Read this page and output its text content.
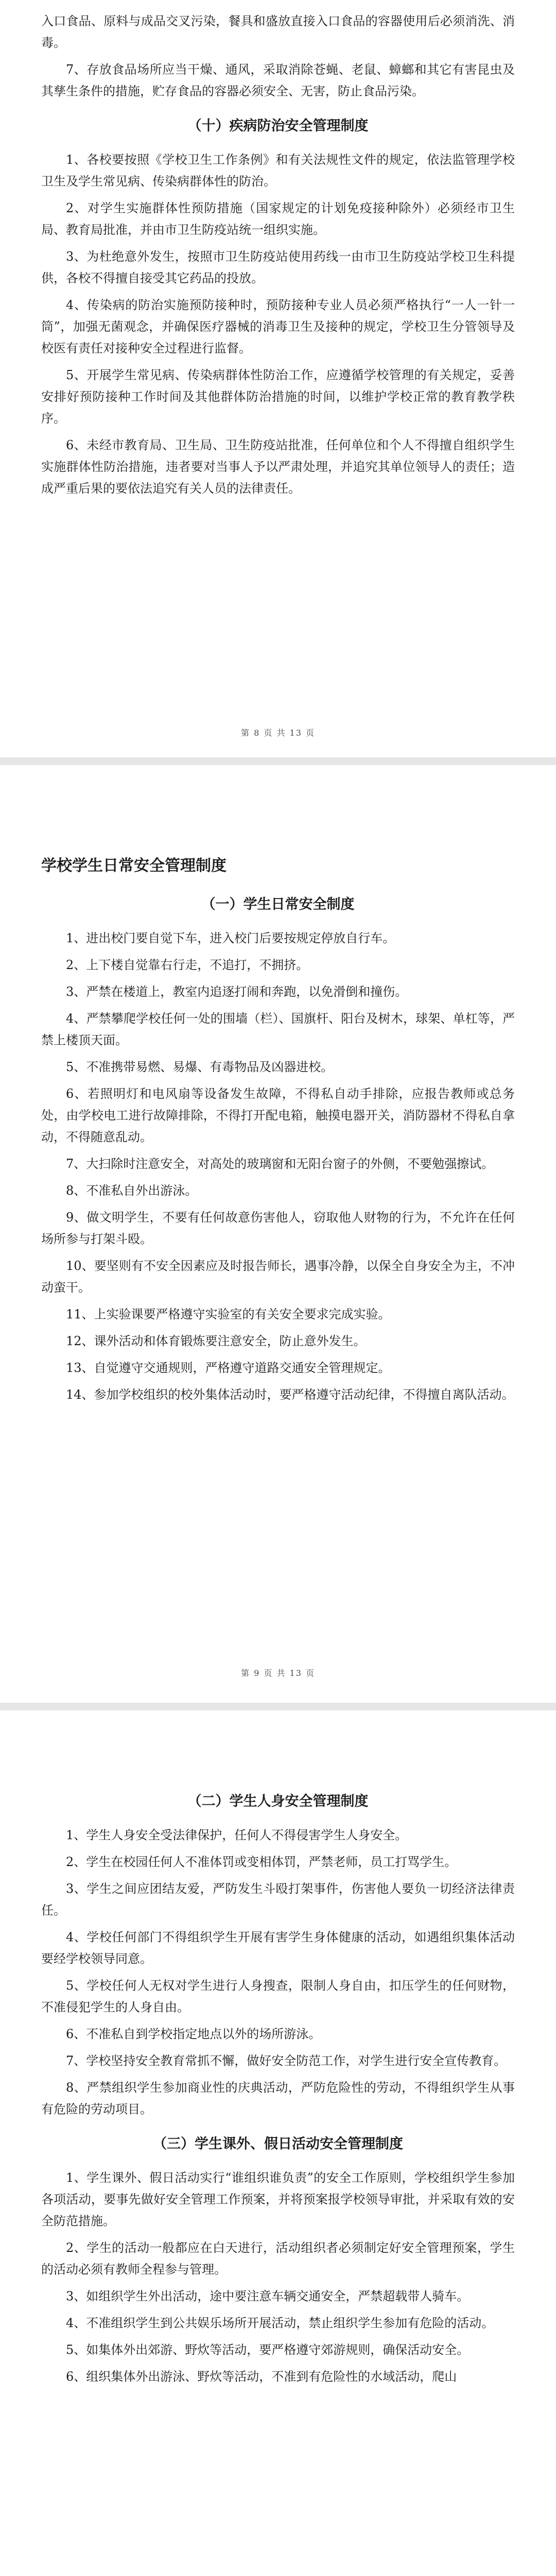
入口食品、原料与成品交叉污染，餐具和盛放直接入口食品的容器使用后必须消洗、消毒。

7、存放食品场所应当干燥、通风，采取消除苍蝇、老鼠、蟑螂和其它有害昆虫及其孳生条件的措施，贮存食品的容器必须安全、无害，防止食品污染。

（十）疾病防治安全管理制度

1、各校要按照《学校卫生工作条例》和有关法规性文件的规定，依法监管理学校卫生及学生常见病、传染病群体性的防治。

2、对学生实施群体性预防措施（国家规定的计划免疫接种除外）必须经市卫生局、教育局批准，并由市卫生防疫站统一组织实施。

3、为杜绝意外发生，按照市卫生防疫站使用药线一由市卫生防疫站学校卫生科提供，各校不得擅自接受其它药品的投放。

4、传染病的防治实施预防接种时，预防接种专业人员必须严格执行“一人一针一筒”，加强无菌观念，并确保医疗器械的消毒卫生及接种的规定，学校卫生分管领导及校医有责任对接种安全过程进行监督。

5、开展学生常见病、传染病群体性防治工作，应遵循学校管理的有关规定，妥善安排好预防接种工作时间及其他群体防治措施的时间，以维护学校正常的教育教学秩序。

6、未经市教育局、卫生局、卫生防疫站批准，任何单位和个人不得擅自组织学生实施群体性防治措施，违者要对当事人予以严肃处理，并追究其单位领导人的责任；造成严重后果的要依法追究有关人员的法律责任。

第 8 页 共 13 页
学校学生日常安全管理制度
（一）学生日常安全制度

1、进出校门要自觉下车，进入校门后要按规定停放自行车。

2、上下楼自觉靠右行走，不追打，不拥挤。

3、严禁在楼道上，教室内追逐打闹和奔跑，以免滑倒和撞伤。

4、严禁攀爬学校任何一处的围墙（栏）、国旗杆、阳台及树木，球架、单杠等，严禁上楼顶天面。

5、不准携带易燃、易爆、有毒物品及凶器进校。

6、若照明灯和电风扇等设备发生故障，不得私自动手排除，应报告教师或总务处，由学校电工进行故障排除，不得打开配电箱，触摸电器开关，消防器材不得私自拿动，不得随意乱动。

7、大扫除时注意安全，对高处的玻璃窗和无阳台窗子的外侧，不要勉强擦试。

8、不准私自外出游泳。

9、做文明学生，不要有任何故意伤害他人，窃取他人财物的行为，不允许在任何场所参与打架斗殴。

10、要坚则有不安全因素应及时报告师长，遇事冷静，以保全自身安全为主，不冲动蛮干。

11、上实验课要严格遵守实验室的有关安全要求完成实验。

12、课外活动和体育锻炼要注意安全，防止意外发生。

13、自觉遵守交通规则，严格遵守道路交通安全管理规定。

14、参加学校组织的校外集体活动时，要严格遵守活动纪律，不得擅自离队活动。

第 9 页 共 13 页
（二）学生人身安全管理制度

1、学生人身安全受法律保护，任何人不得侵害学生人身安全。

2、学生在校园任何人不准体罚或变相体罚，严禁老师，员工打骂学生。

3、学生之间应团结友爱，严防发生斗殴打架事件，伤害他人要负一切经济法律责任。

4、学校任何部门不得组织学生开展有害学生身体健康的活动，如遇组织集体活动要经学校领导同意。

5、学校任何人无权对学生进行人身搜查，限制人身自由，扣压学生的任何财物，不准侵犯学生的人身自由。

6、不准私自到学校指定地点以外的场所游泳。

7、学校坚持安全教育常抓不懈，做好安全防范工作，对学生进行安全宣传教育。

8、严禁组织学生参加商业性的庆典活动，严防危险性的劳动，不得组织学生从事有危险的劳动项目。

（三）学生课外、假日活动安全管理制度

1、学生课外、假日活动实行“谁组织谁负责”的安全工作原则，学校组织学生参加各项活动，要事先做好安全管理工作预案，并将预案报学校领导审批，并采取有效的安全防范措施。

2、学生的活动一般都应在白天进行，活动组织者必须制定好安全管理预案，学生的活动必须有教师全程参与管理。

3、如组织学生外出活动，途中要注意车辆交通安全，严禁超载带人骑车。

4、不准组织学生到公共娱乐场所开展活动，禁止组织学生参加有危险的活动。

5、如集体外出郊游、野炊等活动，要严格遵守郊游规则，确保活动安全。

6、组织集体外出游泳、野炊等活动，不准到有危险性的水域活动，爬山
